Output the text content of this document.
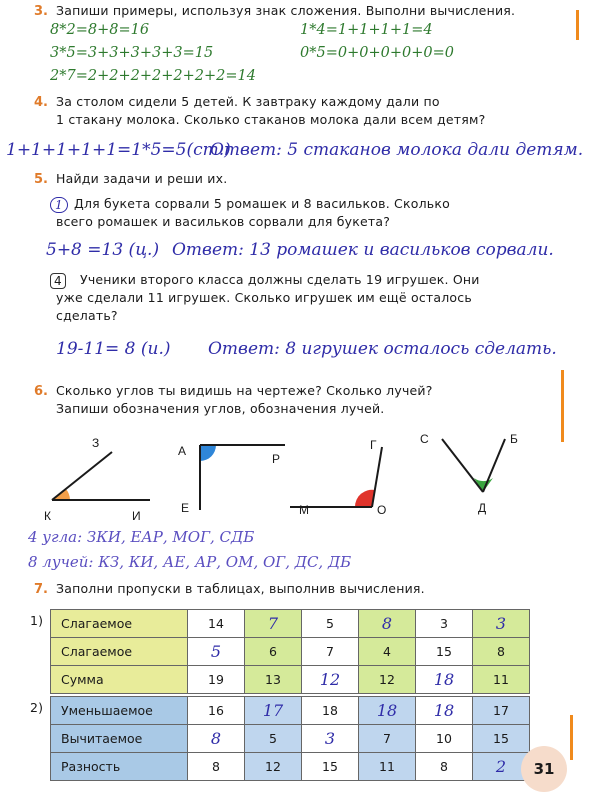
3. Запиши примеры, используя знак сложения. Выполни вычисления.
8*2=8+8=16	1*4=1+1+1+1=4
3*5=3+3+3+3+3=15	0*5=0+0+0+0+0=0
2*7=2+2+2+2+2+2+2=14
4. За столом сидели 5 детей. К завтраку каждому дали по
1 стакану молока. Сколько стаканов молока дали всем детям?
1+1+1+1+1=1*5=5(ст.)
Ответ: 5 стаканов молока дали детям.
5. Найди задачи и реши их.
1 Для букета сорвали 5 ромашек и 8 васильков. Сколько
всего ромашек и васильков сорвали для букета?
5+8 =13 (ц.) Ответ: 13 ромашек и васильков сорвали.
4	Ученики второго класса должны сделать 19 игрушек. Они
уже сделали 11 игрушек. Сколько игрушек им ещё осталось
сделать?
19-11= 8 (и.) Ответ: 8 игрушек осталось сделать.
6. Сколько углов ты видишь на чертеже? Сколько лучей?
Запиши обозначения углов, обозначения лучей.
З
К	И
А
Р
Е	М
Г
О
С	Б
Д
4 угла: ЗКИ, ЕАР, МОГ, СДБ
8 лучей: КЗ, КИ, АЕ, АР, ОМ, ОГ, ДС, ДБ
7. Заполни пропуски в таблицах, выполнив вычисления.
1) Слагаемое	14	7	5	8	3	3
Слагаемое	5	6	7	4	15	8
Сумма	19	13	12	12	18	11
2) Уменьшаемое	16	17	18	18	18	17
Вычитаемое	8	5	3	7	10	15
Разность	8	12	15	11	8	2	31
